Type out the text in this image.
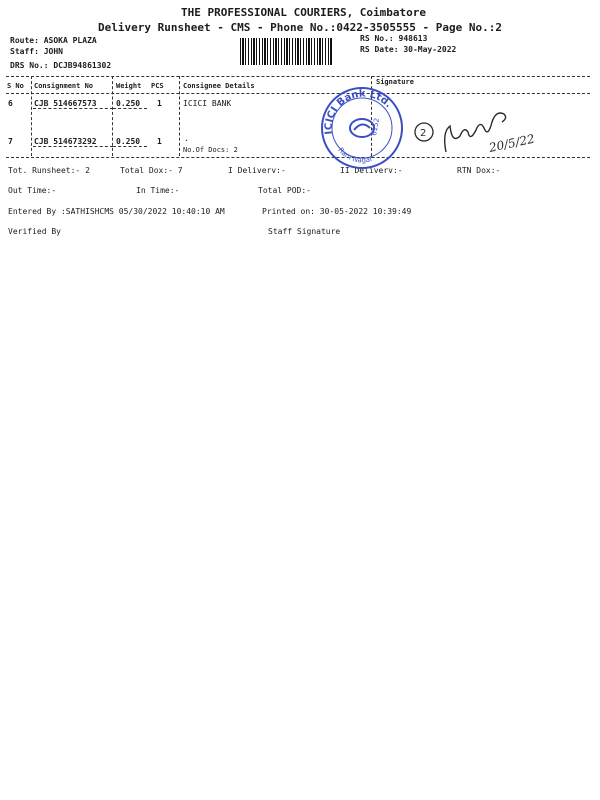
THE PROFESSIONAL COURIERS, Coimbatore
Delivery Runsheet - CMS - Phone No.:0422-3505555 - Page No.:2
Route: ASOKA PLAZA
Staff: JOHN
DRS No.: DCJB94861302
RS No.: 948613
RS Date: 30-May-2022
S No Consignment No	Weight PCS	Consignee Details	Signature
6	CJB 514667573 0.250 1	ICICI BANK
7	CJB 514673292 0.250 1	.
No.Of Docs: 2
Tot. Runsheet:- 2	Total Dox:- 7	I Deliverv:-	II Deliverv:-	RTN Dox:-
Out Time:-	In Time:-	Total POD:-
Entered By :SATHISHCMS 05/30/2022 10:40:10 AM	Printed on: 30-05-2022 10:39:49
Verified By	Staff Signature
ICICI Bank Ltd.
Ram Nagar
6152	2	20/5/22
